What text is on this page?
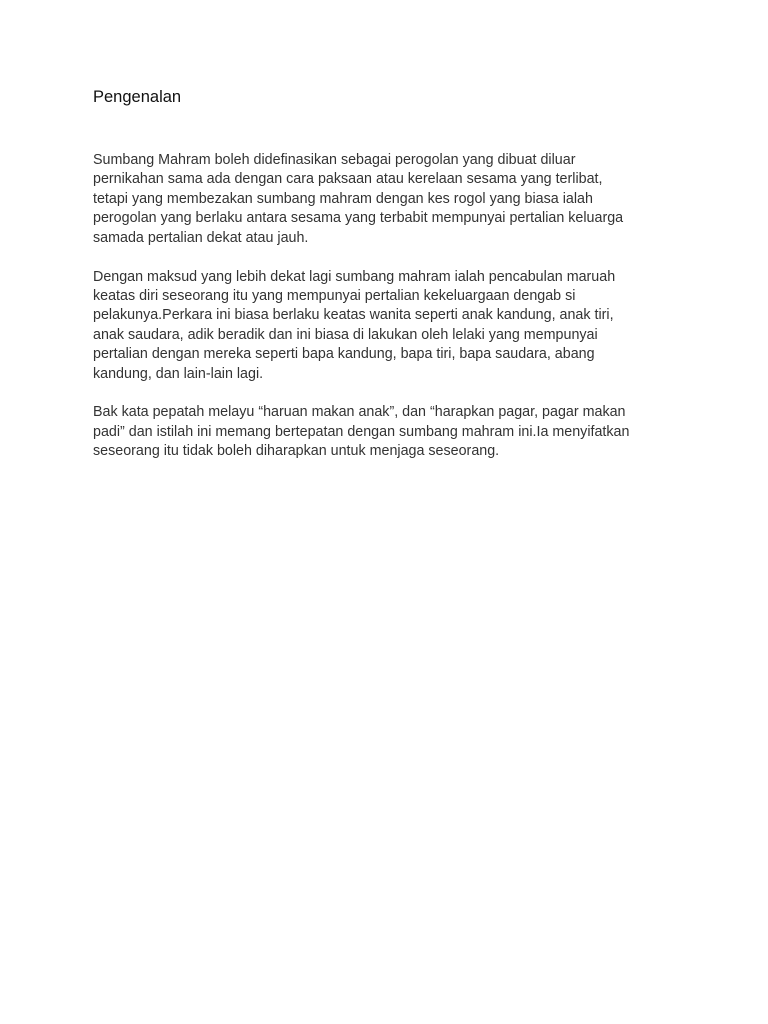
Pengenalan

Sumbang Mahram boleh didefinasikan sebagai perogolan yang dibuat diluar
pernikahan sama ada dengan cara paksaan atau kerelaan sesama yang terlibat,
tetapi yang membezakan sumbang mahram dengan kes rogol yang biasa ialah
perogolan yang berlaku antara sesama yang terbabit mempunyai pertalian keluarga
samada pertalian dekat atau jauh.

Dengan maksud yang lebih dekat lagi sumbang mahram ialah pencabulan maruah
keatas diri seseorang itu yang mempunyai pertalian kekeluargaan dengab si
pelakunya.Perkara ini biasa berlaku keatas wanita seperti anak kandung, anak tiri,
anak saudara, adik beradik dan ini biasa di lakukan oleh lelaki yang mempunyai
pertalian dengan mereka seperti bapa kandung, bapa tiri, bapa saudara, abang
kandung, dan lain-lain lagi.

Bak kata pepatah melayu “haruan makan anak”, dan “harapkan pagar, pagar makan
padi” dan istilah ini memang bertepatan dengan sumbang mahram ini.Ia menyifatkan
seseorang itu tidak boleh diharapkan untuk menjaga seseorang.
